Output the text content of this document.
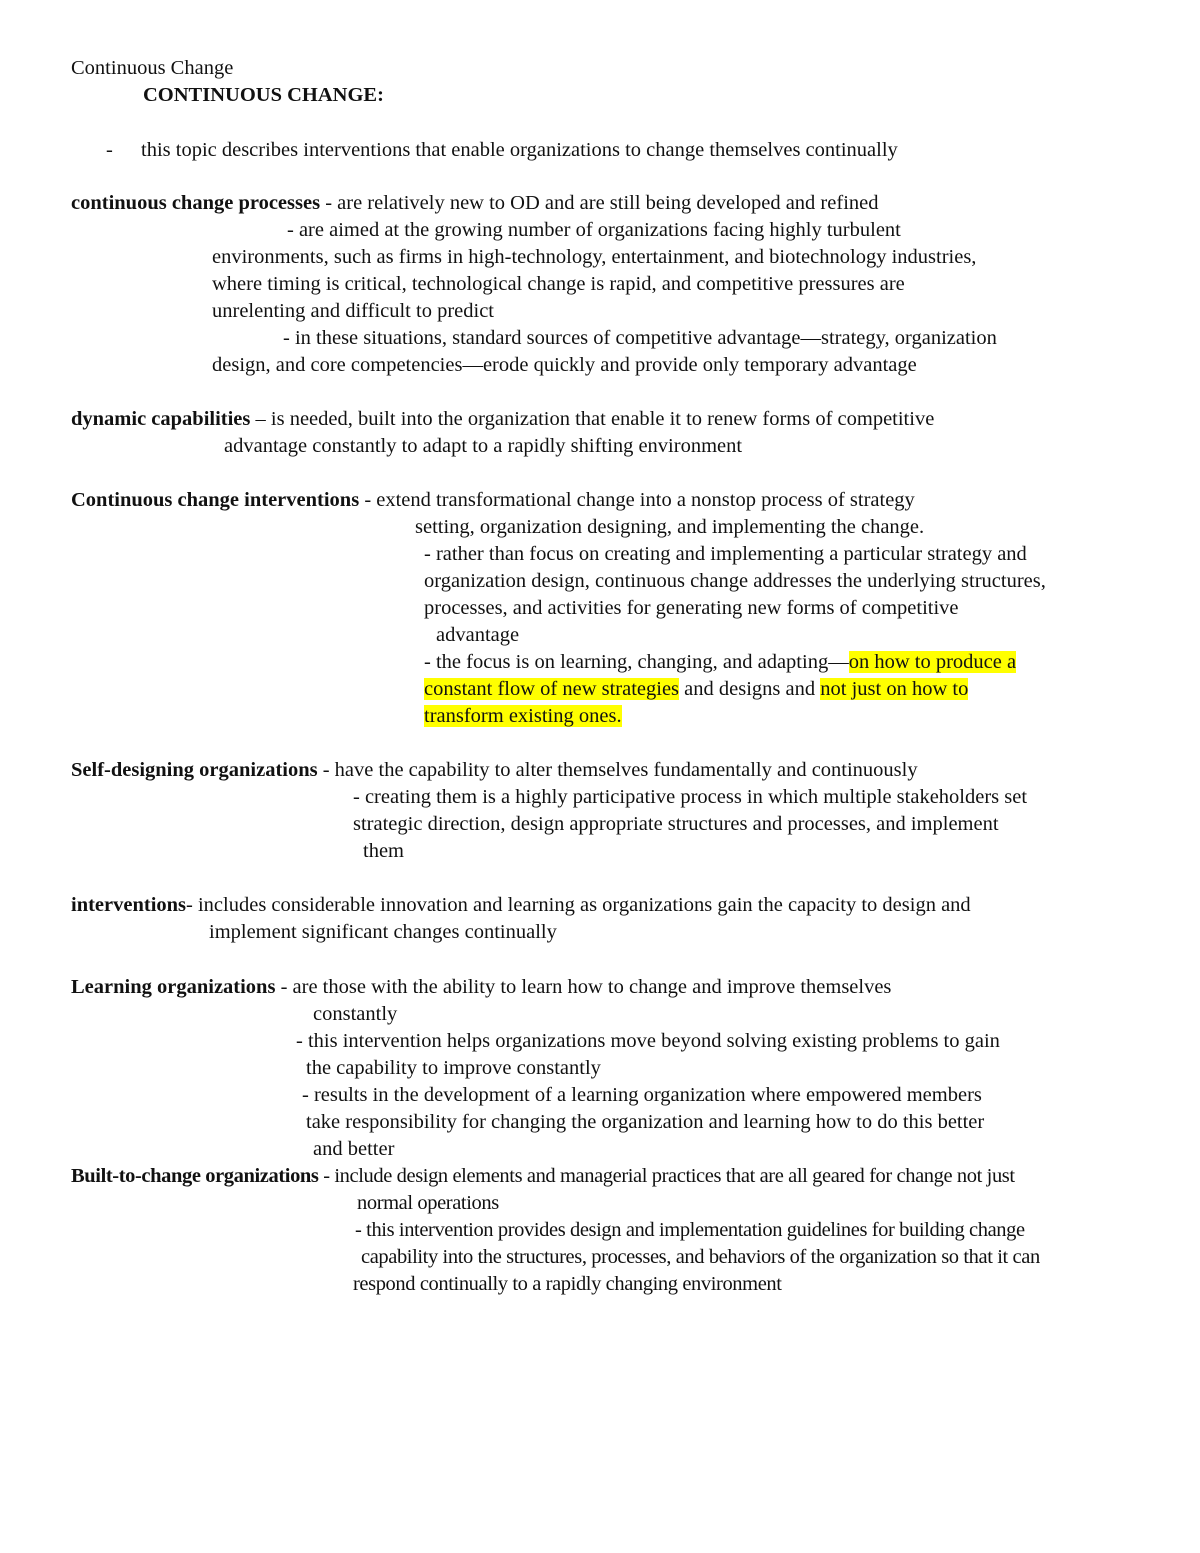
Continuous Change
CONTINUOUS CHANGE:
- this topic describes interventions that enable organizations to change themselves continually
continuous change processes - are relatively new to OD and are still being developed and refined
- are aimed at the growing number of organizations facing highly turbulent
environments, such as firms in high-technology, entertainment, and biotechnology industries,
where timing is critical, technological change is rapid, and competitive pressures are
unrelenting and difficult to predict
- in these situations, standard sources of competitive advantage—strategy, organization
design, and core competencies—erode quickly and provide only temporary advantage
dynamic capabilities – is needed, built into the organization that enable it to renew forms of competitive
advantage constantly to adapt to a rapidly shifting environment
Continuous change interventions - extend transformational change into a nonstop process of strategy
setting, organization designing, and implementing the change.
- rather than focus on creating and implementing a particular strategy and
organization design, continuous change addresses the underlying structures,
processes, and activities for generating new forms of competitive
advantage
- the focus is on learning, changing, and adapting—on how to produce a
constant flow of new strategies and designs and not just on how to
transform existing ones.
Self-designing organizations - have the capability to alter themselves fundamentally and continuously
- creating them is a highly participative process in which multiple stakeholders set
strategic direction, design appropriate structures and processes, and implement
them
interventions- includes considerable innovation and learning as organizations gain the capacity to design and
implement significant changes continually
Learning organizations - are those with the ability to learn how to change and improve themselves
constantly
- this intervention helps organizations move beyond solving existing problems to gain
the capability to improve constantly
- results in the development of a learning organization where empowered members
take responsibility for changing the organization and learning how to do this better
and better
Built-to-change organizations - include design elements and managerial practices that are all geared for change not just
normal operations
- this intervention provides design and implementation guidelines for building change
capability into the structures, processes, and behaviors of the organization so that it can
respond continually to a rapidly changing environment
